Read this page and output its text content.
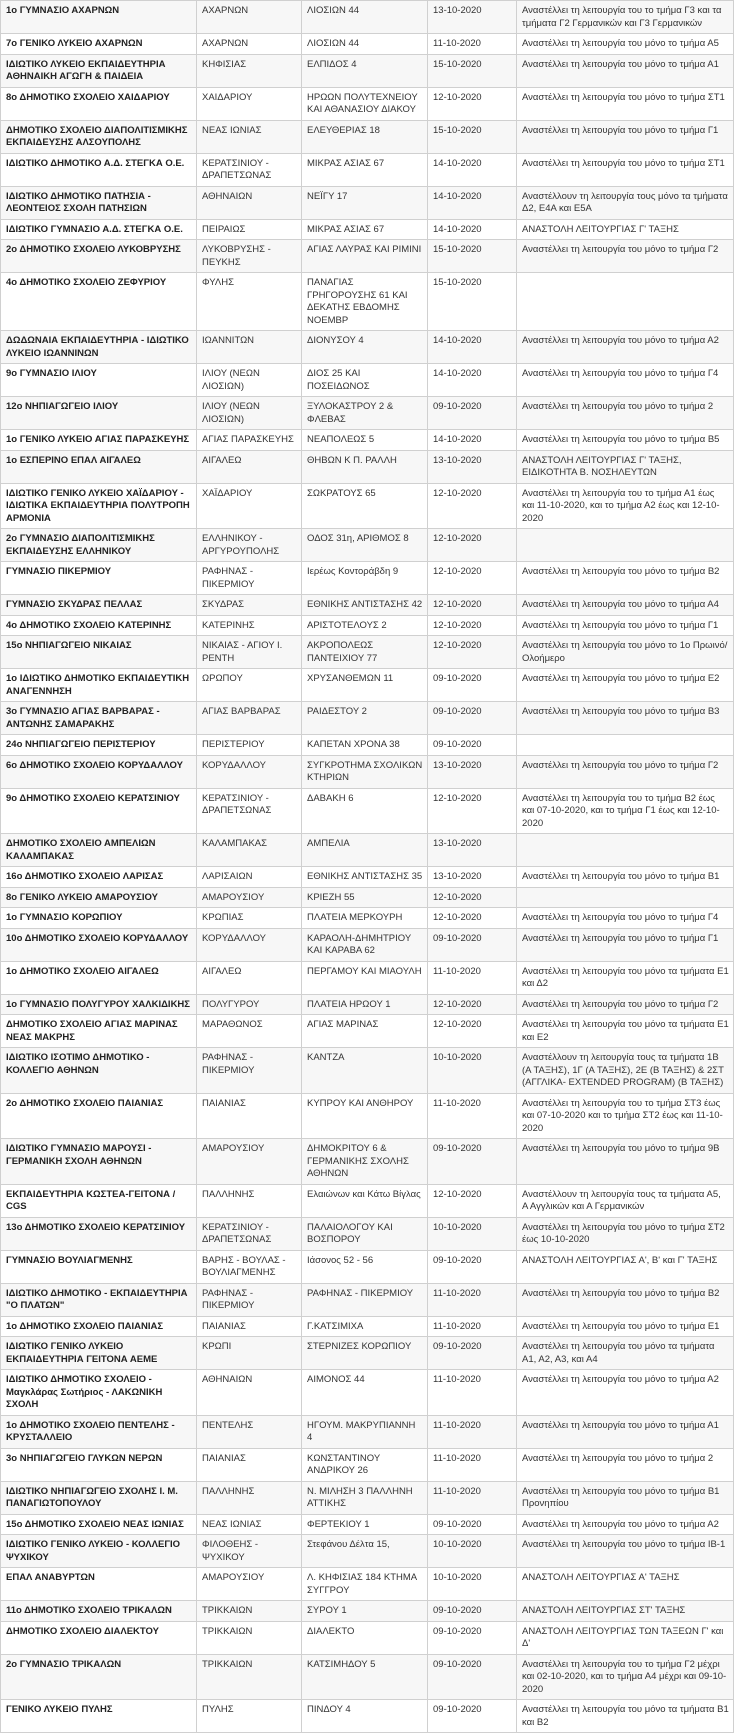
1ο ΓΥΜΝΑΣΙΟ ΑΧΑΡΝΩΝ	ΑΧΑΡΝΩΝ	ΛΙΟΣΙΩΝ 44	13-10-2020	Αναστέλλει τη λειτουργία του το τμήμα Γ3 και τα τμήματα Γ2 Γερμανικών και Γ3 Γερμανικών
7ο ΓΕΝΙΚΟ ΛΥΚΕΙΟ ΑΧΑΡΝΩΝ	ΑΧΑΡΝΩΝ	ΛΙΟΣΙΩΝ 44	11-10-2020	Αναστέλλει τη λειτουργία του μόνο το τμήμα Α5
ΙΔΙΩΤΙΚΟ ΛΥΚΕΙΟ ΕΚΠΑΙΔΕΥΤΗΡΙΑ ΑΘΗΝΑΙΚΗ ΑΓΩΓΗ & ΠΑΙΔΕΙΑ	ΚΗΦΙΣΙΑΣ	ΕΛΠΙΔΟΣ 4	15-10-2020	Αναστέλλει τη λειτουργία του μόνο το τμήμα Α1
8ο ΔΗΜΟΤΙΚΟ ΣΧΟΛΕΙΟ ΧΑΙΔΑΡΙΟΥ	ΧΑΙΔΑΡΙΟΥ	ΗΡΩΩΝ ΠΟΛΥΤΕΧΝΕΙΟΥ ΚΑΙ ΑΘΑΝΑΣΙΟΥ ΔΙΑΚΟΥ	12-10-2020	Αναστέλλει τη λειτουργία του μόνο το τμήμα ΣΤ1
ΔΗΜΟΤΙΚΟ ΣΧΟΛΕΙΟ ΔΙΑΠΟΛΙΤΙΣΜΙΚΗΣ ΕΚΠΑΙΔΕΥΣΗΣ ΑΛΣΟΥΠΟΛΗΣ	ΝΕΑΣ ΙΩΝΙΑΣ	ΕΛΕΥΘΕΡΙΑΣ 18	15-10-2020	Αναστέλλει τη λειτουργία του μόνο το τμήμα Γ1
ΙΔΙΩΤΙΚΟ ΔΗΜΟΤΙΚΟ Α.Δ. ΣΤΕΓΚΑ Ο.Ε.	ΚΕΡΑΤΣΙΝΙΟΥ - ΔΡΑΠΕΤΣΩΝΑΣ	ΜΙΚΡΑΣ ΑΣΙΑΣ 67	14-10-2020	Αναστέλλει τη λειτουργία του μόνο το τμήμα ΣΤ1
ΙΔΙΩΤΙΚΟ ΔΗΜΟΤΙΚΟ ΠΑΤΗΣΙΑ - ΛΕΟΝΤΕΙΟΣ ΣΧΟΛΗ ΠΑΤΗΣΙΩΝ	ΑΘΗΝΑΙΩΝ	ΝΕΪΓΥ 17	14-10-2020	Αναστέλλουν τη λειτουργία τους μόνο τα τμήματα Δ2, Ε4Α και Ε5Α
ΙΔΙΩΤΙΚΟ ΓΥΜΝΑΣΙΟ Α.Δ. ΣΤΕΓΚΑ Ο.Ε.	ΠΕΙΡΑΙΩΣ	ΜΙΚΡΑΣ ΑΣΙΑΣ 67	14-10-2020	ΑΝΑΣΤΟΛΗ ΛΕΙΤΟΥΡΓΙΑΣ Γ' ΤΑΞΗΣ
2ο ΔΗΜΟΤΙΚΟ ΣΧΟΛΕΙΟ ΛΥΚΟΒΡΥΣΗΣ	ΛΥΚΟΒΡΥΣΗΣ - ΠΕΥΚΗΣ	ΑΓΙΑΣ ΛΑΥΡΑΣ ΚΑΙ ΡΙΜΙΝΙ	15-10-2020	Αναστέλλει τη λειτουργία του μόνο το τμήμα Γ2
4ο ΔΗΜΟΤΙΚΟ ΣΧΟΛΕΙΟ ΖΕΦΥΡΙΟΥ	ΦΥΛΗΣ	ΠΑΝΑΓΙΑΣ ΓΡΗΓΟΡΟΥΣΗΣ 61 ΚΑΙ ΔΕΚΑΤΗΣ ΕΒΔΟΜΗΣ ΝΟΕΜΒΡ	15-10-2020	
ΔΩΔΩΝΑΙΑ ΕΚΠΑΙΔΕΥΤΗΡΙΑ - ΙΔΙΩΤΙΚΟ ΛΥΚΕΙΟ ΙΩΑΝΝΙΝΩΝ	ΙΩΑΝΝΙΤΩΝ	ΔΙΟΝΥΣΟΥ 4	14-10-2020	Αναστέλλει τη λειτουργία του μόνο το τμήμα Α2
9ο ΓΥΜΝΑΣΙΟ ΙΛΙΟΥ	ΙΛΙΟΥ (ΝΕΩΝ ΛΙΟΣΙΩΝ)	ΔΙΟΣ 25 ΚΑΙ ΠΟΣΕΙΔΩΝΟΣ	14-10-2020	Αναστέλλει τη λειτουργία του μόνο το τμήμα Γ4
12ο ΝΗΠΙΑΓΩΓΕΙΟ ΙΛΙΟΥ	ΙΛΙΟΥ (ΝΕΩΝ ΛΙΟΣΙΩΝ)	ΞΥΛΟΚΑΣΤΡΟΥ 2 & ΦΛΕΒΑΣ	09-10-2020	Αναστέλλει τη λειτουργία του μόνο το τμήμα 2
1ο ΓΕΝΙΚΟ ΛΥΚΕΙΟ ΑΓΙΑΣ ΠΑΡΑΣΚΕΥΗΣ	ΑΓΙΑΣ ΠΑΡΑΣΚΕΥΗΣ	ΝΕΑΠΟΛΕΩΣ 5	14-10-2020	Αναστέλλει τη λειτουργία του μόνο το τμήμα Β5
1ο ΕΣΠΕΡΙΝΟ ΕΠΑΛ ΑΙΓΑΛΕΩ	ΑΙΓΑΛΕΩ	ΘΗΒΩΝ Κ Π. ΡΑΛΛΗ	13-10-2020	ΑΝΑΣΤΟΛΗ ΛΕΙΤΟΥΡΓΙΑΣ Γ' ΤΑΞΗΣ, ΕΙΔΙΚΟΤΗΤΑ Β. ΝΟΣΗΛΕΥΤΩΝ
ΙΔΙΩΤΙΚΟ ΓΕΝΙΚΟ ΛΥΚΕΙΟ ΧΑΪΔΑΡΙΟΥ - ΙΔΙΩΤΙΚΑ ΕΚΠΑΙΔΕΥΤΗΡΙΑ ΠΟΛΥΤΡΟΠΗ ΑΡΜΟΝΙΑ	ΧΑΪΔΑΡΙΟΥ	ΣΩΚΡΑΤΟΥΣ 65	12-10-2020	Αναστέλλει τη λειτουργία του το τμήμα Α1 έως και 11-10-2020, και το τμήμα Α2 έως και 12-10-2020
2ο ΓΥΜΝΑΣΙΟ ΔΙΑΠΟΛΙΤΙΣΜΙΚΗΣ ΕΚΠΑΙΔΕΥΣΗΣ ΕΛΛΗΝΙΚΟΥ	ΕΛΛΗΝΙΚΟΥ - ΑΡΓΥΡΟΥΠΟΛΗΣ	ΟΔΟΣ 31η, ΑΡΙΘΜΟΣ 8	12-10-2020	
ΓΥΜΝΑΣΙΟ ΠΙΚΕΡΜΙΟΥ	ΡΑΦΗΝΑΣ - ΠΙΚΕΡΜΙΟΥ	Ιερέως Κοντοράβδη 9	12-10-2020	Αναστέλλει τη λειτουργία του μόνο το τμήμα Β2
ΓΥΜΝΑΣΙΟ ΣΚΥΔΡΑΣ ΠΕΛΛΑΣ	ΣΚΥΔΡΑΣ	ΕΘΝΙΚΗΣ ΑΝΤΙΣΤΑΣΗΣ 42	12-10-2020	Αναστέλλει τη λειτουργία του μόνο το τμήμα Α4
4ο ΔΗΜΟΤΙΚΟ ΣΧΟΛΕΙΟ ΚΑΤΕΡΙΝΗΣ	ΚΑΤΕΡΙΝΗΣ	ΑΡΙΣΤΟΤΕΛΟΥΣ 2	12-10-2020	Αναστέλλει τη λειτουργία του μόνο το τμήμα Γ1
15ο ΝΗΠΙΑΓΩΓΕΙΟ ΝΙΚΑΙΑΣ	ΝΙΚΑΙΑΣ - ΑΓΙΟΥ Ι. ΡΕΝΤΗ	ΑΚΡΟΠΟΛΕΩΣ ΠΑΝΤΕΙΧΙΟΥ 77	12-10-2020	Αναστέλλει τη λειτουργία του μόνο το 1ο Πρωινό/Ολοήμερο
1ο ΙΔΙΩΤΙΚΟ ΔΗΜΟΤΙΚΟ ΕΚΠΑΙΔΕΥΤΙΚΗ ΑΝΑΓΕΝΝΗΣΗ	ΩΡΩΠΟΥ	ΧΡΥΣΑΝΘΕΜΩΝ 11	09-10-2020	Αναστέλλει τη λειτουργία του μόνο το τμήμα Ε2
3ο ΓΥΜΝΑΣΙΟ ΑΓΙΑΣ ΒΑΡΒΑΡΑΣ - ΑΝΤΩΝΗΣ ΣΑΜΑΡΑΚΗΣ	ΑΓΙΑΣ ΒΑΡΒΑΡΑΣ	ΡΑΙΔΕΣΤΟΥ 2	09-10-2020	Αναστέλλει τη λειτουργία του μόνο το τμήμα Β3
24ο ΝΗΠΙΑΓΩΓΕΙΟ ΠΕΡΙΣΤΕΡΙΟΥ	ΠΕΡΙΣΤΕΡΙΟΥ	ΚΑΠΕΤΑΝ ΧΡΟΝΑ 38	09-10-2020	
6ο ΔΗΜΟΤΙΚΟ ΣΧΟΛΕΙΟ ΚΟΡΥΔΑΛΛΟΥ	ΚΟΡΥΔΑΛΛΟΥ	ΣΥΓΚΡΟΤΗΜΑ ΣΧΟΛΙΚΩΝ ΚΤΗΡΙΩΝ	13-10-2020	Αναστέλλει τη λειτουργία του μόνο το τμήμα Γ2
9ο ΔΗΜΟΤΙΚΟ ΣΧΟΛΕΙΟ ΚΕΡΑΤΣΙΝΙΟΥ	ΚΕΡΑΤΣΙΝΙΟΥ - ΔΡΑΠΕΤΣΩΝΑΣ	ΔΑΒΑΚΗ 6	12-10-2020	Αναστέλλει τη λειτουργία του το τμήμα Β2 έως και 07-10-2020, και το τμήμα Γ1 έως και 12-10-2020
ΔΗΜΟΤΙΚΟ ΣΧΟΛΕΙΟ ΑΜΠΕΛΙΩΝ ΚΑΛΑΜΠΑΚΑΣ	ΚΑΛΑΜΠΑΚΑΣ	ΑΜΠΕΛΙΑ	13-10-2020	
16ο ΔΗΜΟΤΙΚΟ ΣΧΟΛΕΙΟ ΛΑΡΙΣΑΣ	ΛΑΡΙΣΑΙΩΝ	ΕΘΝΙΚΗΣ ΑΝΤΙΣΤΑΣΗΣ 35	13-10-2020	Αναστέλλει τη λειτουργία του μόνο το τμήμα Β1
8ο ΓΕΝΙΚΟ ΛΥΚΕΙΟ ΑΜΑΡΟΥΣΙΟΥ	ΑΜΑΡΟΥΣΙΟΥ	ΚΡΙΕΖΗ 55	12-10-2020	
1ο ΓΥΜΝΑΣΙΟ ΚΟΡΩΠΙΟΥ	ΚΡΩΠΙΑΣ	ΠΛΑΤΕΙΑ ΜΕΡΚΟΥΡΗ	12-10-2020	Αναστέλλει τη λειτουργία του μόνο το τμήμα Γ4
10ο ΔΗΜΟΤΙΚΟ ΣΧΟΛΕΙΟ ΚΟΡΥΔΑΛΛΟΥ	ΚΟΡΥΔΑΛΛΟΥ	ΚΑΡΑΟΛΗ-ΔΗΜΗΤΡΙΟΥ ΚΑΙ ΚΑΡΑΒΑ 62	09-10-2020	Αναστέλλει τη λειτουργία του μόνο το τμήμα Γ1
1ο ΔΗΜΟΤΙΚΟ ΣΧΟΛΕΙΟ ΑΙΓΑΛΕΩ	ΑΙΓΑΛΕΩ	ΠΕΡΓΑΜΟΥ ΚΑΙ ΜΙΑΟΥΛΗ	11-10-2020	Αναστέλλει τη λειτουργία του μόνο τα τμήματα Ε1 και Δ2
1ο ΓΥΜΝΑΣΙΟ ΠΟΛΥΓΥΡΟΥ ΧΑΛΚΙΔΙΚΗΣ	ΠΟΛΥΓΥΡΟΥ	ΠΛΑΤΕΙΑ ΗΡΩΟΥ 1	12-10-2020	Αναστέλλει τη λειτουργία του μόνο το τμήμα Γ2
ΔΗΜΟΤΙΚΟ ΣΧΟΛΕΙΟ ΑΓΙΑΣ ΜΑΡΙΝΑΣ ΝΕΑΣ ΜΑΚΡΗΣ	ΜΑΡΑΘΩΝΟΣ	ΑΓΙΑΣ ΜΑΡΙΝΑΣ	12-10-2020	Αναστέλλει τη λειτουργία του μόνο τα τμήματα Ε1 και Ε2
ΙΔΙΩΤΙΚΟ ΙΣΟΤΙΜΟ ΔΗΜΟΤΙΚΟ - ΚΟΛΛΕΓΙΟ ΑΘΗΝΩΝ	ΡΑΦΗΝΑΣ - ΠΙΚΕΡΜΙΟΥ	ΚΑΝΤΖΑ	10-10-2020	Αναστέλλουν τη λειτουργία τους τα τμήματα 1Β (Α ΤΑΞΗΣ), 1Γ (Α ΤΑΞΗΣ), 2Ε (Β ΤΑΞΗΣ) & 2ΣΤ (ΑΓΓΛΙΚΑ- EXTENDED PROGRAM) (Β ΤΑΞΗΣ)
2ο ΔΗΜΟΤΙΚΟ ΣΧΟΛΕΙΟ ΠΑΙΑΝΙΑΣ	ΠΑΙΑΝΙΑΣ	ΚΥΠΡΟΥ ΚΑΙ ΑΝΘΗΡΟΥ	11-10-2020	Αναστέλλει τη λειτουργία του το τμήμα ΣΤ3 έως και 07-10-2020 και το τμήμα ΣΤ2 έως και 11-10-2020
ΙΔΙΩΤΙΚΟ ΓΥΜΝΑΣΙΟ ΜΑΡΟΥΣΙ - ΓΕΡΜΑΝΙΚΗ ΣΧΟΛΗ ΑΘΗΝΩΝ	ΑΜΑΡΟΥΣΙΟΥ	ΔΗΜΟΚΡΙΤΟΥ 6 & ΓΕΡΜΑΝΙΚΗΣ ΣΧΟΛΗΣ ΑΘΗΝΩΝ	09-10-2020	Αναστέλλει τη λειτουργία του μόνο το τμήμα 9Β
ΕΚΠΑΙΔΕΥΤΗΡΙΑ ΚΩΣΤΕΑ-ΓΕΙΤΟΝΑ / CGS	ΠΑΛΛΗΝΗΣ	Ελαιώνων και Κάτω Βίγλας	12-10-2020	Αναστέλλουν τη λειτουργία τους τα τμήματα Α5, Α Αγγλικών και Α Γερμανικών
13ο ΔΗΜΟΤΙΚΟ ΣΧΟΛΕΙΟ ΚΕΡΑΤΣΙΝΙΟΥ	ΚΕΡΑΤΣΙΝΙΟΥ - ΔΡΑΠΕΤΣΩΝΑΣ	ΠΑΛΑΙΟΛΟΓΟΥ ΚΑΙ ΒΟΣΠΟΡΟΥ	10-10-2020	Αναστέλλει τη λειτουργία του μόνο το τμήμα ΣΤ2 έως 10-10-2020
ΓΥΜΝΑΣΙΟ ΒΟΥΛΙΑΓΜΕΝΗΣ	ΒΑΡΗΣ - ΒΟΥΛΑΣ - ΒΟΥΛΙΑΓΜΕΝΗΣ	Ιάσονος 52 - 56	09-10-2020	ΑΝΑΣΤΟΛΗ ΛΕΙΤΟΥΡΓΙΑΣ Α', Β' και Γ' ΤΑΞΗΣ
ΙΔΙΩΤΙΚΟ ΔΗΜΟΤΙΚΟ - ΕΚΠΑΙΔΕΥΤΗΡΙΑ "Ο ΠΛΑΤΩΝ"	ΡΑΦΗΝΑΣ - ΠΙΚΕΡΜΙΟΥ	ΡΑΦΗΝΑΣ - ΠΙΚΕΡΜΙΟΥ	11-10-2020	Αναστέλλει τη λειτουργία του μόνο το τμήμα Β2
1ο ΔΗΜΟΤΙΚΟ ΣΧΟΛΕΙΟ ΠΑΙΑΝΙΑΣ	ΠΑΙΑΝΙΑΣ	Γ.ΚΑΤΣΙΜΙΧΑ	11-10-2020	Αναστέλλει τη λειτουργία του μόνο το τμήμα Ε1
ΙΔΙΩΤΙΚΟ ΓΕΝΙΚΟ ΛΥΚΕΙΟ ΕΚΠΑΙΔΕΥΤΗΡΙΑ ΓΕΙΤΟΝΑ ΑΕΜΕ	ΚΡΩΠΙ	ΣΤΕΡΝΙΖΕΣ ΚΟΡΩΠΙΟΥ	09-10-2020	Αναστέλλει τη λειτουργία του μόνο τα τμήματα Α1, Α2, Α3, και Α4
ΙΔΙΩΤΙΚΟ ΔΗΜΟΤΙΚΟ ΣΧΟΛΕΙΟ - Μαγκλάρας Σωτήριος - ΛΑΚΩΝΙΚΗ ΣΧΟΛΗ	ΑΘΗΝΑΙΩΝ	ΑΙΜΟΝΟΣ 44	11-10-2020	Αναστέλλει τη λειτουργία του μόνο το τμήμα Α2
1ο ΔΗΜΟΤΙΚΟ ΣΧΟΛΕΙΟ ΠΕΝΤΕΛΗΣ - ΚΡΥΣΤΑΛΛΕΙΟ	ΠΕΝΤΕΛΗΣ	ΗΓΟΥΜ. ΜΑΚΡΥΠΙΑΝΝΗ 4	11-10-2020	Αναστέλλει τη λειτουργία του μόνο το τμήμα Α1
3ο ΝΗΠΙΑΓΩΓΕΙΟ ΓΛΥΚΩΝ ΝΕΡΩΝ	ΠΑΙΑΝΙΑΣ	ΚΩΝΣΤΑΝΤΙΝΟΥ ΑΝΔΡΙΚΟΥ 26	11-10-2020	Αναστέλλει τη λειτουργία του μόνο το τμήμα 2
ΙΔΙΩΤΙΚΟ ΝΗΠΙΑΓΩΓΕΙΟ ΣΧΟΛΗΣ Ι. Μ. ΠΑΝΑΓΙΩΤΟΠΟΥΛΟΥ	ΠΑΛΛΗΝΗΣ	Ν. ΜΙΛΗΣΗ 3 ΠΑΛΛΗΝΗ ΑΤΤΙΚΗΣ	11-10-2020	Αναστέλλει τη λειτουργία του μόνο το τμήμα Β1 Προνηπίου
15ο ΔΗΜΟΤΙΚΟ ΣΧΟΛΕΙΟ ΝΕΑΣ ΙΩΝΙΑΣ	ΝΕΑΣ ΙΩΝΙΑΣ	ΦΕΡΤΕΚΙΟΥ 1	09-10-2020	Αναστέλλει τη λειτουργία του μόνο το τμήμα Α2
ΙΔΙΩΤΙΚΟ ΓΕΝΙΚΟ ΛΥΚΕΙΟ - ΚΟΛΛΕΓΙΟ ΨΥΧΙΚΟΥ	ΦΙΛΟΘΕΗΣ - ΨΥΧΙΚΟΥ	Στεφάνου Δέλτα 15,	10-10-2020	Αναστέλλει τη λειτουργία του μόνο το τμήμα ΙΒ-1
ΕΠΑΛ ΑΝΑΒΥΡΤΩΝ	ΑΜΑΡΟΥΣΙΟΥ	Λ. ΚΗΦΙΣΙΑΣ 184 ΚΤΗΜΑ ΣΥΓΓΡΟΥ	10-10-2020	ΑΝΑΣΤΟΛΗ ΛΕΙΤΟΥΡΓΙΑΣ Α' ΤΑΞΗΣ
11ο ΔΗΜΟΤΙΚΟ ΣΧΟΛΕΙΟ ΤΡΙΚΑΛΩΝ	ΤΡΙΚΚΑΙΩΝ	ΣΥΡΟΥ 1	09-10-2020	ΑΝΑΣΤΟΛΗ ΛΕΙΤΟΥΡΓΙΑΣ ΣΤ' ΤΑΞΗΣ
ΔΗΜΟΤΙΚΟ ΣΧΟΛΕΙΟ ΔΙΑΛΕΚΤΟΥ	ΤΡΙΚΚΑΙΩΝ	ΔΙΑΛΕΚΤΟ	09-10-2020	ΑΝΑΣΤΟΛΗ ΛΕΙΤΟΥΡΓΙΑΣ ΤΩΝ ΤΑΞΕΩΝ Γ' και Δ'
2ο ΓΥΜΝΑΣΙΟ ΤΡΙΚΑΛΩΝ	ΤΡΙΚΚΑΙΩΝ	ΚΑΤΣΙΜΗΔΟΥ 5	09-10-2020	Αναστέλλει τη λειτουργία του το τμήμα Γ2 μέχρι και 02-10-2020, και το τμήμα Α4 μέχρι και 09-10-2020
ΓΕΝΙΚΟ ΛΥΚΕΙΟ ΠΥΛΗΣ	ΠΥΛΗΣ	ΠΙΝΔΟΥ 4	09-10-2020	Αναστέλλει τη λειτουργία του μόνο τα τμήματα Β1 και Β2
